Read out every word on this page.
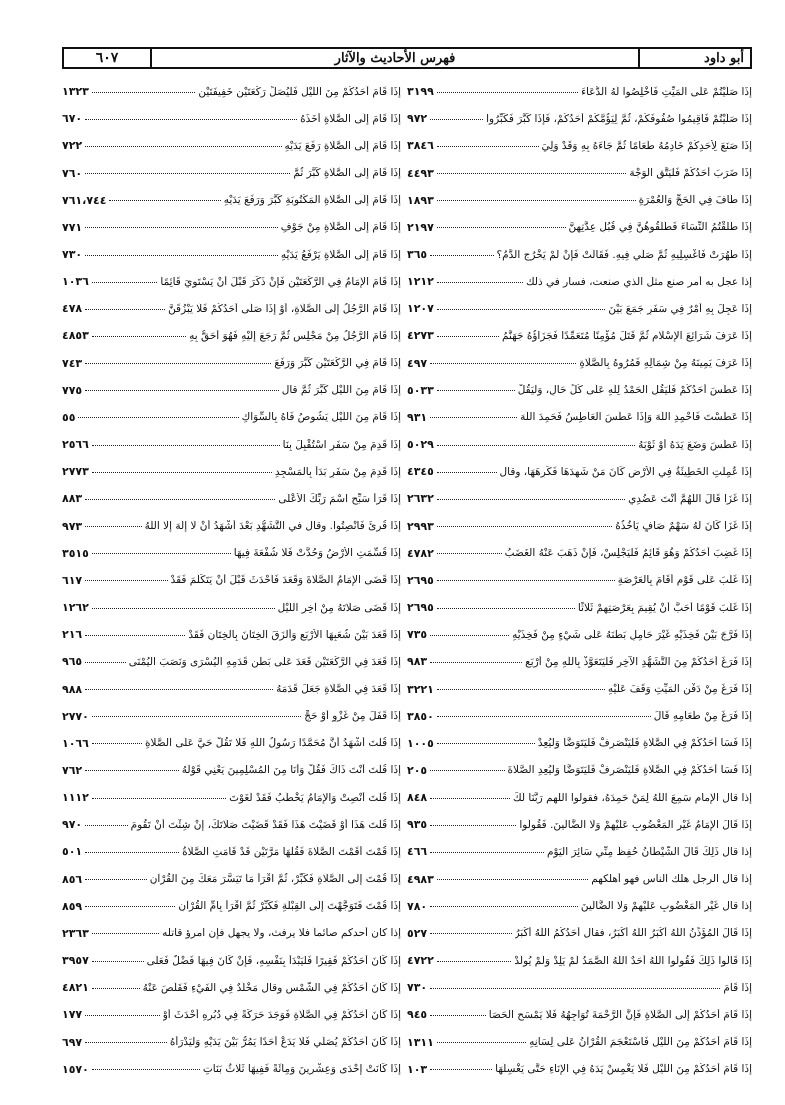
أبو داود
فهرس الأحاديث والآثار
٦٠٧
إِذَا صَلَّيْتُمْ عَلَى المَيِّتِ فَأَخْلِصُوا لَهُ الدُّعَاءَ
٣١٩٩
إِذَا صَلَّيْتُمْ فَأَقِيمُوا صُفُوفَكُمْ، ثُمَّ لِيَؤُمَّكُمْ أَحَدُكُمْ، فَإِذَا كَبَّرَ فَكَبِّرُوا
٩٧٢
إِذَا صَنَعَ لِأَحَدِكُمْ خَادِمُهُ طَعَامًا ثُمَّ جَاءَهُ بِهِ وَقَدْ وَلِيَ
٣٨٤٦
إِذَا ضَرَبَ أَحَدُكُمْ فَلْيَتَّقِ الوَجْهَ
٤٤٩٣
إِذَا طَافَ فِي الحَجِّ وَالعُمْرَةِ
١٨٩٣
إِذَا طَلَّقْتُمُ النِّسَاءَ فَطَلِّقُوهُنَّ فِي قُبُلِ عِدَّتِهِنَّ
٢١٩٧
إِذَا طَهُرَتْ فَاغْسِلِيهِ ثُمَّ صَلِّي فِيهِ. فَقَالَتْ فَإِنْ لَمْ يَخْرُجِ الدَّمُ؟
٣٦٥
إذا عجل به أمر صنع مثل الذي صنعت، فسار في ذلك
١٢١٢
إِذَا عَجِلَ بِهِ أَمْرٌ فِي سَفَرٍ جَمَعَ بَيْنَ
١٢٠٧
إِذَا عَرَفَ شَرَائِعَ الإِسْلَامِ ثُمَّ قَتَلَ مُؤْمِنًا مُتَعَمِّدًا فَجَزَاؤُهُ جَهَنَّمُ
٤٢٧٣
إِذَا عَرَفَ يَمِينَهُ مِنْ شِمَالِهِ فَمُرُوهُ بِالصَّلَاةِ
٤٩٧
إِذَا عَطَسَ أَحَدُكُمْ فَلْيَقُلِ الحَمْدُ لِلَّهِ عَلَى كُلِّ حَالٍ، وَلْيَقُلْ
٥٠٣٣
إِذَا عَطَسْتَ فَاحْمِدِ اللَّهَ وَإِذَا عَطَسَ العَاطِسُ فَحَمِدَ اللَّهَ
٩٣١
إِذَا عَطَسَ وَضَعَ يَدَهُ أَوْ ثَوْبَهُ
٥٠٢٩
إِذَا عُمِلَتِ الخَطِيئَةُ فِي الأَرْضِ كَانَ مَنْ شَهِدَهَا فَكَرِهَهَا، وقال
٤٣٤٥
إِذَا غَزَا قَالَ اللَّهُمَّ أَنْتَ عَضُدِي
٢٦٣٢
إِذَا غَزَا كَانَ لَهُ سَهْمٌ صَافٍ يَأْخُذُهُ
٢٩٩٣
إِذَا غَضِبَ أَحَدُكُمْ وَهُوَ قَائِمٌ فَلْيَجْلِسْ، فَإِنْ ذَهَبَ عَنْهُ الغَضَبُ
٤٧٨٢
إِذَا غَلَبَ عَلَى قَوْمٍ أَقَامَ بِالعَرْصَةِ
٢٦٩٥
إِذَا غَلَبَ قَوْمًا أَحَبَّ أَنْ يُقِيمَ بِعَرْصَتِهِمْ ثَلَاثًا
٢٦٩٥
إِذَا فَرَّجَ بَيْنَ فَخِذَيْهِ غَيْرَ حَامِلٍ بَطْنَهُ عَلَى شَيْءٍ مِنْ فَخِذَيْهِ
٧٣٥
إِذَا فَرَغَ أَحَدُكُمْ مِنَ التَّشَهُّدِ الآخِرِ فَلْيَتَعَوَّذْ بِاللَّهِ مِنْ أَرْبَعٍ
٩٨٣
إِذَا فَرَغَ مِنْ دَفْنِ المَيِّتِ وَقَفَ عَلَيْهِ
٣٢٢١
إِذَا فَرَغَ مِنْ طَعَامِهِ قَالَ
٣٨٥٠
إِذَا فَسَا أَحَدُكُمْ فِي الصَّلَاةِ فَلْيَنْصَرِفْ فَلْيَتَوَضَّأْ وَلْيُعِدْ
١٠٠٥
إِذَا فَسَا أَحَدُكُمْ فِي الصَّلَاةِ فَلْيَنْصَرِفْ فَلْيَتَوَضَّأْ وَلْيُعِدِ الصَّلَاةَ
٢٠٥
إذا قال الإمام سَمِعَ اللَّهُ لِمَنْ حَمِدَهُ، فقولوا اللهم رَبَّنَا لَكَ
٨٤٨
إِذَا قَالَ الإِمَامُ غَيْرِ المَغْضُوبِ عَلَيْهِمْ وَلَا الضَّالِّينَ. فَقُولُوا
٩٣٥
إذا قال ذَلِكَ قَالَ الشَّيْطَانُ حُفِظَ مِنِّي سَائِرَ اليَوْمِ
٤٦٦
إذا قال الرجل هلك الناس فهو أهلكهم
٤٩٨٣
إذا قال غَيْرِ المَغْضُوبِ عَلَيْهِمْ وَلَا الضَّالِّينَ
٧٨٠
إِذَا قَالَ المُؤَذِّنُ اللَّهُ أَكْبَرُ اللَّهُ أَكْبَرُ، فقال أَحَدُكُمُ اللَّهُ أَكْبَرُ
٥٢٧
إِذَا قَالُوا ذَلِكَ فَقُولُوا اللَّهُ أَحَدٌ اللَّهُ الصَّمَدُ لَمْ يَلِدْ وَلَمْ يُولَدْ
٤٧٢٢
إِذَا قَامَ
٧٣٠
إِذَا قَامَ أَحَدُكُمْ إِلَى الصَّلَاةِ فَإِنَّ الرَّحْمَةَ تُوَاجِهُهُ فَلَا يَمْسَحِ الحَصَا
٩٤٥
إِذَا قَامَ أَحَدُكُمْ مِنَ اللَّيْلِ فَاسْتَعْجَمَ القُرْآنُ عَلَى لِسَانِهِ
١٣١١
إِذَا قَامَ أَحَدُكُمْ مِنَ اللَّيْلِ فَلَا يَغْمِسْ يَدَهُ فِي الإِنَاءِ حَتَّى يَغْسِلَهَا
١٠٣
إِذَا قَامَ أَحَدُكُمْ مِنَ اللَّيْلِ فَلْيُصَلِّ رَكْعَتَيْنِ خَفِيفَتَيْنِ
١٣٢٣
إِذَا قَامَ إِلَى الصَّلَاةِ أَخَذَهُ
٦٧٠
إِذَا قَامَ إِلَى الصَّلَاةِ رَفَعَ يَدَيْهِ
٧٢٢
إِذَا قَامَ إِلَى الصَّلَاةِ كَبَّرَ ثُمَّ
٧٦٠
إِذَا قَامَ إِلَى الصَّلَاةِ المَكْتُوبَةِ كَبَّرَ وَرَفَعَ يَدَيْهِ
٧٦١،٧٤٤
إِذَا قَامَ إِلَى الصَّلَاةِ مِنْ جَوْفِ
٧٧١
إِذَا قَامَ إِلَى الصَّلَاةِ يَرْفَعُ يَدَيْهِ
٧٣٠
إِذَا قَامَ الإِمَامُ فِي الرَّكْعَتَيْنِ فَإِنْ ذَكَرَ قَبْلَ أَنْ يَسْتَوِيَ قَائِمًا
١٠٣٦
إِذَا قَامَ الرَّجُلُ إِلَى الصَّلَاةِ، أَوْ إِذَا صَلَّى أَحَدُكُمْ فَلَا يَبْزُقَنَّ
٤٧٨
إِذَا قَامَ الرَّجُلُ مِنْ مَجْلِسٍ ثُمَّ رَجَعَ إِلَيْهِ فَهُوَ أَحَقُّ بِهِ
٤٨٥٣
إِذَا قَامَ فِي الرَّكْعَتَيْنِ كَبَّرَ وَرَفَعَ
٧٤٣
إِذَا قَامَ مِنَ اللَّيْلِ كَبَّرَ ثُمَّ قال
٧٧٥
إِذَا قَامَ مِنَ اللَّيْلِ يَشُوصُ فَاهُ بِالسِّوَاكِ
٥٥
إِذَا قَدِمَ مِنْ سَفَرٍ اسْتُقْبِلَ بِنَا
٢٥٦٦
إِذَا قَدِمَ مِنْ سَفَرٍ بَدَأَ بِالمَسْجِدِ
٢٧٧٣
إِذَا قَرَأَ سَبِّحِ اسْمَ رَبِّكَ الأَعْلَى
٨٨٣
إِذَا قُرِئَ فَأَنْصِتُوا. وقال في التَّشَهُّدِ بَعْدَ أَشْهَدُ أَنْ لَا إِلَهَ إِلَّا اللَّهُ
٩٧٣
إِذَا قُسِّمَتِ الأَرْضُ وَحُدَّتْ فَلَا شُفْعَةَ فِيهَا
٣٥١٥
إِذَا قَضَى الإِمَامُ الصَّلَاةَ وَقَعَدَ فَأَحْدَثَ قَبْلَ أَنْ يَتَكَلَّمَ فَقَدْ
٦١٧
إِذَا قَضَى صَلَاتَهُ مِنْ آخِرِ اللَّيْلِ
١٢٦٢
إِذَا قَعَدَ بَيْنَ شُعَبِهَا الأَرْبَعِ وَأَلْزَقَ الخِتَانَ بِالخِتَانِ فَقَدْ
٢١٦
إِذَا قَعَدَ فِي الرَّكْعَتَيْنِ قَعَدَ عَلَى بَطْنِ قَدَمِهِ اليُسْرَى وَنَصَبَ اليُمْنَى
٩٦٥
إِذَا قَعَدَ فِي الصَّلَاةِ جَعَلَ قَدَمَهُ
٩٨٨
إِذَا قَفَلَ مِنْ غَزْوٍ أَوْ حَجٍّ
٢٧٧٠
إِذَا قُلْتَ أَشْهَدُ أَنَّ مُحَمَّدًا رَسُولُ اللَّهِ فَلَا تَقُلْ حَيَّ عَلَى الصَّلَاةِ
١٠٦٦
إِذَا قُلْتَ أَنْتَ ذَاكَ فَقُلْ وَأَنَا مِنَ المُسْلِمِينَ يَعْنِي قَوْلَهُ
٧٦٢
إِذَا قُلْتَ أَنْصِتْ وَالإِمَامُ يَخْطُبُ فَقَدْ لَغَوْتَ
١١١٢
إِذَا قُلْتَ هَذَا أَوْ قَضَيْتَ هَذَا فَقَدْ قَضَيْتَ صَلَاتَكَ، إِنْ شِئْتَ أَنْ تَقُومَ
٩٧٠
إِذَا قُمْتَ أَقَمْتَ الصَّلَاةَ فَقُلْهَا مَرَّتَيْنِ قَدْ قَامَتِ الصَّلَاةُ
٥٠١
إِذَا قُمْتَ إِلَى الصَّلَاةِ فَكَبِّرْ، ثُمَّ اقْرَأْ مَا تَيَسَّرَ مَعَكَ مِنَ القُرْآنِ
٨٥٦
إِذَا قُمْتَ فَتَوَجَّهْتَ إِلَى القِبْلَةِ فَكَبِّرْ ثُمَّ اقْرَأْ بِأُمِّ القُرْآنِ
٨٥٩
إذا كان أحدكم صائماً فلا يرفث، ولا يجهل فإن امرؤ قاتله
٢٣٦٣
إِذَا كَانَ أَحَدُكُمْ فَقِيرًا فَلْيَبْدَأْ بِنَفْسِهِ، فَإِنْ كَانَ فِيهَا فَضْلٌ فَعَلَى
٣٩٥٧
إِذَا كَانَ أَحَدُكُمْ فِي الشَّمْسِ وقال مَخْلَدٌ فِي الفَيْءِ فَقَلَصَ عَنْهُ
٤٨٢١
إِذَا كَانَ أَحَدُكُمْ فِي الصَّلَاةِ فَوَجَدَ حَرَكَةً فِي دُبُرِهِ أَحْدَثَ أَوْ
١٧٧
إِذَا كَانَ أَحَدُكُمْ يُصَلِّي فَلَا يَدَعْ أَحَدًا يَمُرُّ بَيْنَ يَدَيْهِ وَلْيَدْرَأْهُ
٦٩٧
إِذَا كَانَتْ إِحْدَى وَعِشْرِينَ وَمِائَةً فَفِيهَا ثَلَاثُ بَنَاتِ
١٥٧٠
